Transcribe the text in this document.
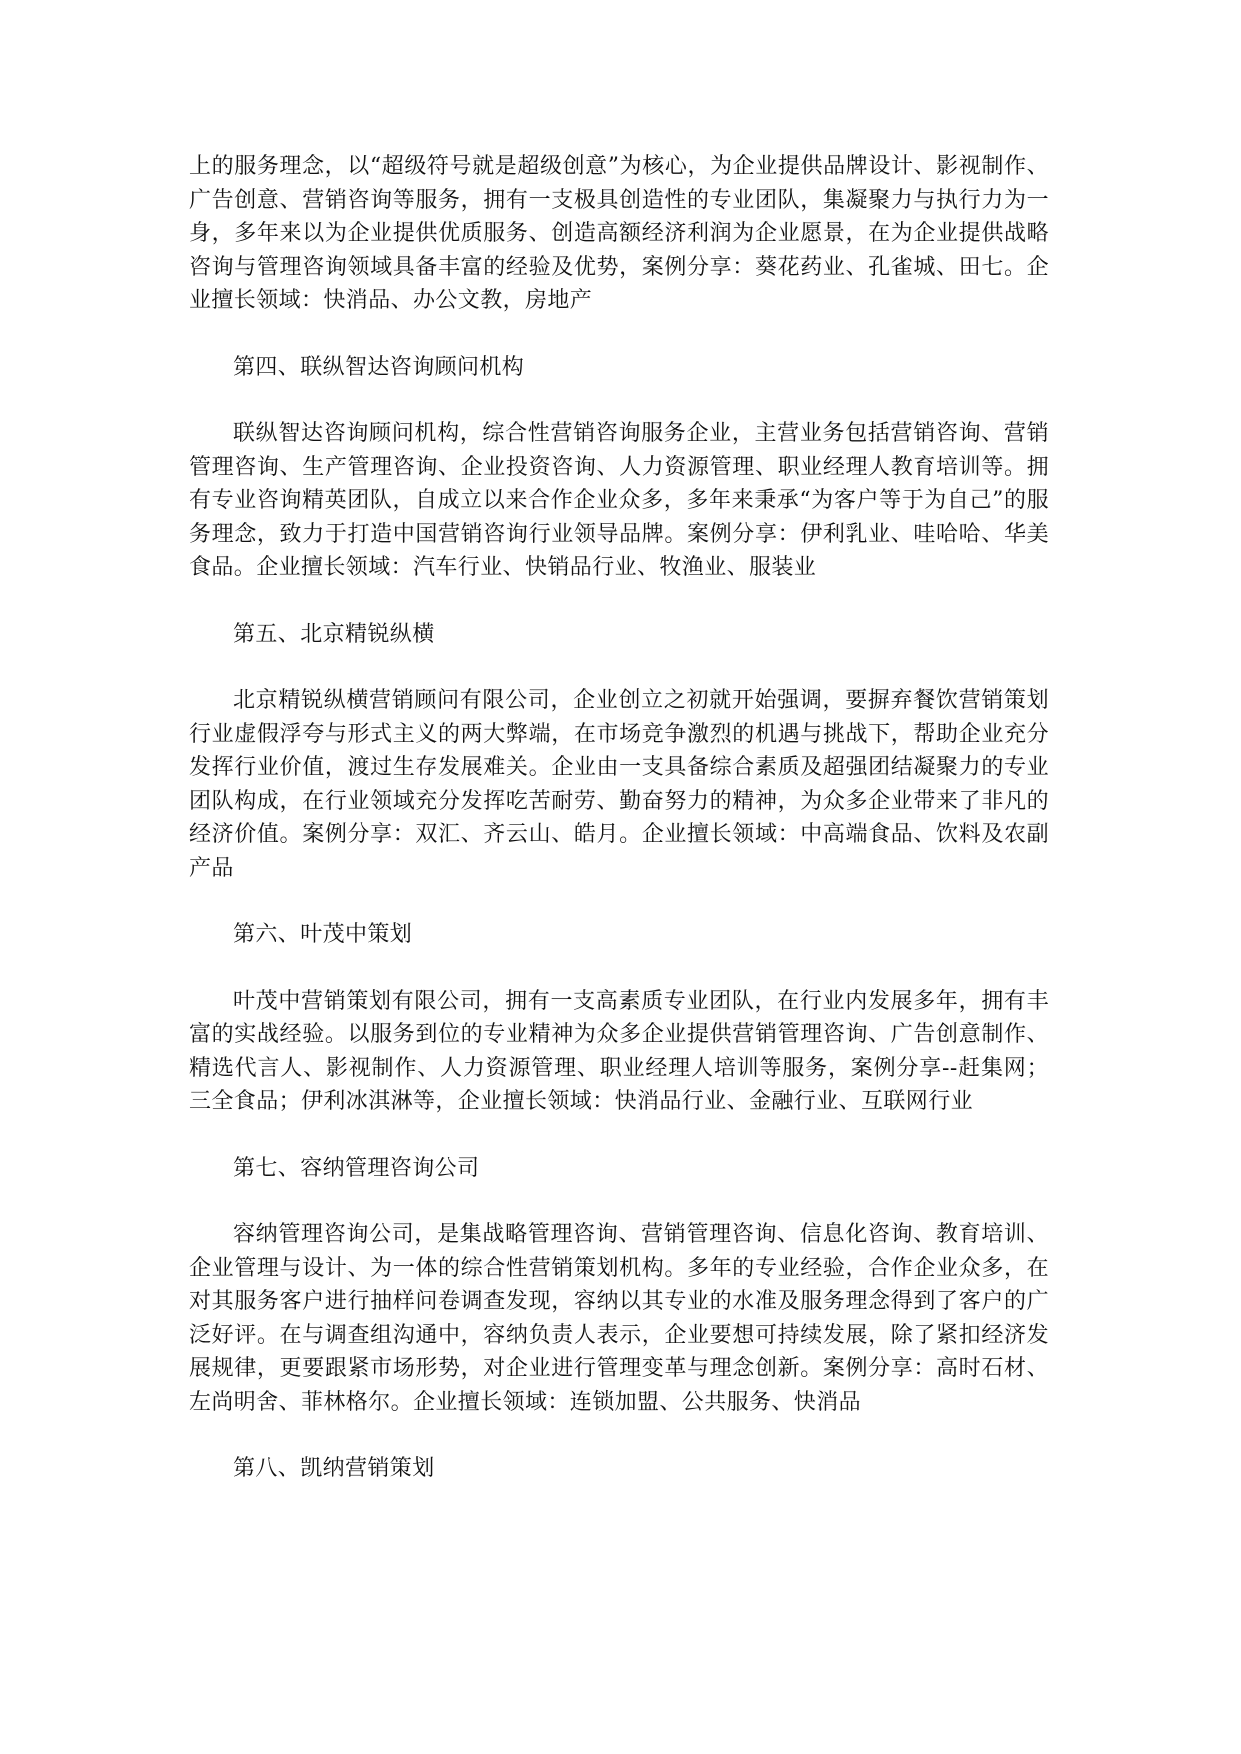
上的服务理念，以“超级符号就是超级创意”为核心，为企业提供品牌设计、影视制作、广告创意、营销咨询等服务，拥有一支极具创造性的专业团队，集凝聚力与执行力为一身，多年来以为企业提供优质服务、创造高额经济利润为企业愿景，在为企业提供战略咨询与管理咨询领域具备丰富的经验及优势，案例分享：葵花药业、孔雀城、田七。企业擅长领域：快消品、办公文教，房地产

第四、联纵智达咨询顾问机构

联纵智达咨询顾问机构，综合性营销咨询服务企业，主营业务包括营销咨询、营销管理咨询、生产管理咨询、企业投资咨询、人力资源管理、职业经理人教育培训等。拥有专业咨询精英团队，自成立以来合作企业众多，多年来秉承“为客户等于为自己”的服务理念，致力于打造中国营销咨询行业领导品牌。案例分享：伊利乳业、哇哈哈、华美食品。企业擅长领域：汽车行业、快销品行业、牧渔业、服装业

第五、北京精锐纵横

北京精锐纵横营销顾问有限公司，企业创立之初就开始强调，要摒弃餐饮营销策划行业虚假浮夸与形式主义的两大弊端，在市场竞争激烈的机遇与挑战下，帮助企业充分发挥行业价值，渡过生存发展难关。企业由一支具备综合素质及超强团结凝聚力的专业团队构成，在行业领域充分发挥吃苦耐劳、勤奋努力的精神，为众多企业带来了非凡的经济价值。案例分享：双汇、齐云山、皓月。企业擅长领域：中高端食品、饮料及农副产品

第六、叶茂中策划

叶茂中营销策划有限公司，拥有一支高素质专业团队，在行业内发展多年，拥有丰富的实战经验。以服务到位的专业精神为众多企业提供营销管理咨询、广告创意制作、精选代言人、影视制作、人力资源管理、职业经理人培训等服务，案例分享--赶集网；三全食品；伊利冰淇淋等，企业擅长领域：快消品行业、金融行业、互联网行业

第七、容纳管理咨询公司

容纳管理咨询公司，是集战略管理咨询、营销管理咨询、信息化咨询、教育培训、企业管理与设计、为一体的综合性营销策划机构。多年的专业经验，合作企业众多，在对其服务客户进行抽样问卷调查发现，容纳以其专业的水准及服务理念得到了客户的广泛好评。在与调查组沟通中，容纳负责人表示，企业要想可持续发展，除了紧扣经济发展规律，更要跟紧市场形势，对企业进行管理变革与理念创新。案例分享：高时石材、左尚明舍、菲林格尔。企业擅长领域：连锁加盟、公共服务、快消品

第八、凯纳营销策划
